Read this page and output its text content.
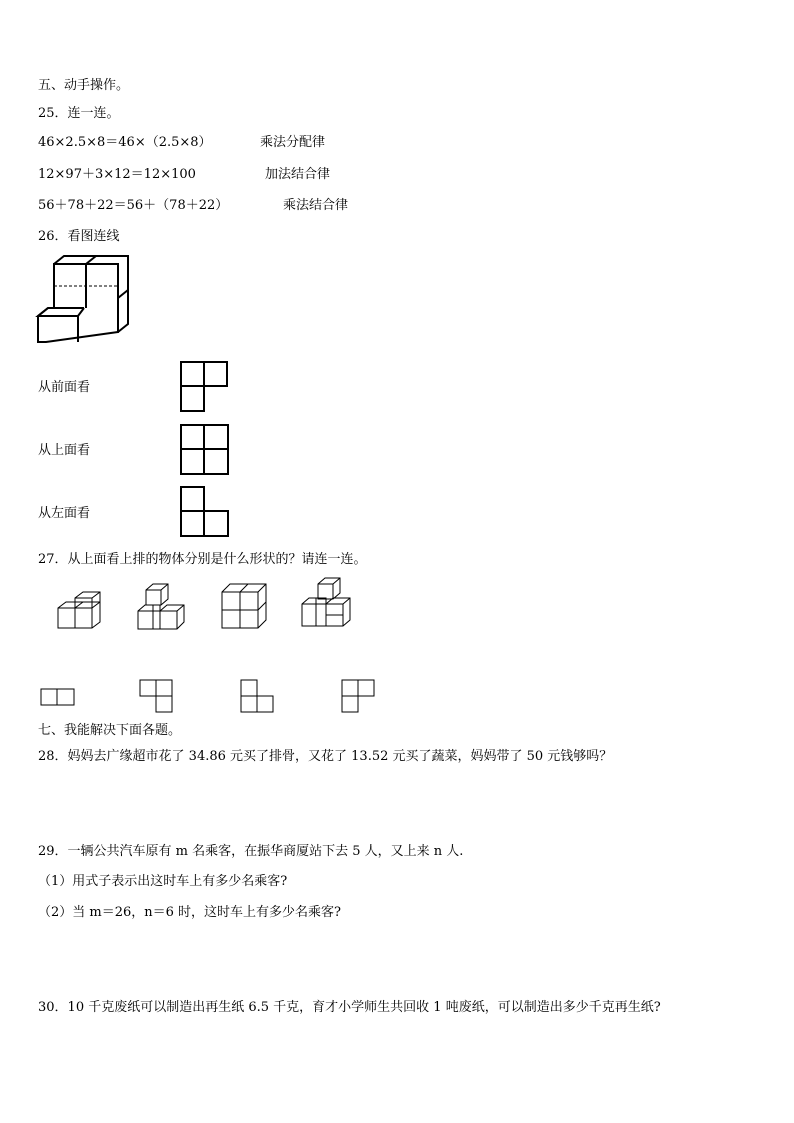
五、动手操作。
25．连一连。
46×2.5×8＝46×（2.5×8）	乘法分配律
12×97＋3×12＝12×100	加法结合律
56＋78＋22＝56＋（78＋22）	乘法结合律
26．看图连线
从前面看
从上面看
从左面看
27．从上面看上排的物体分别是什么形状的？请连一连。
七、我能解决下面各题。
28．妈妈去广缘超市花了 34.86 元买了排骨，又花了 13.52 元买了蔬菜，妈妈带了 50 元钱够吗？
29．一辆公共汽车原有 m 名乘客，在振华商厦站下去 5 人，又上来 n 人.
（1）用式子表示出这时车上有多少名乘客?
（2）当 m＝26，n＝6 时，这时车上有多少名乘客?
30．10 千克废纸可以制造出再生纸 6.5 千克，育才小学师生共回收 1 吨废纸，可以制造出多少千克再生纸?
